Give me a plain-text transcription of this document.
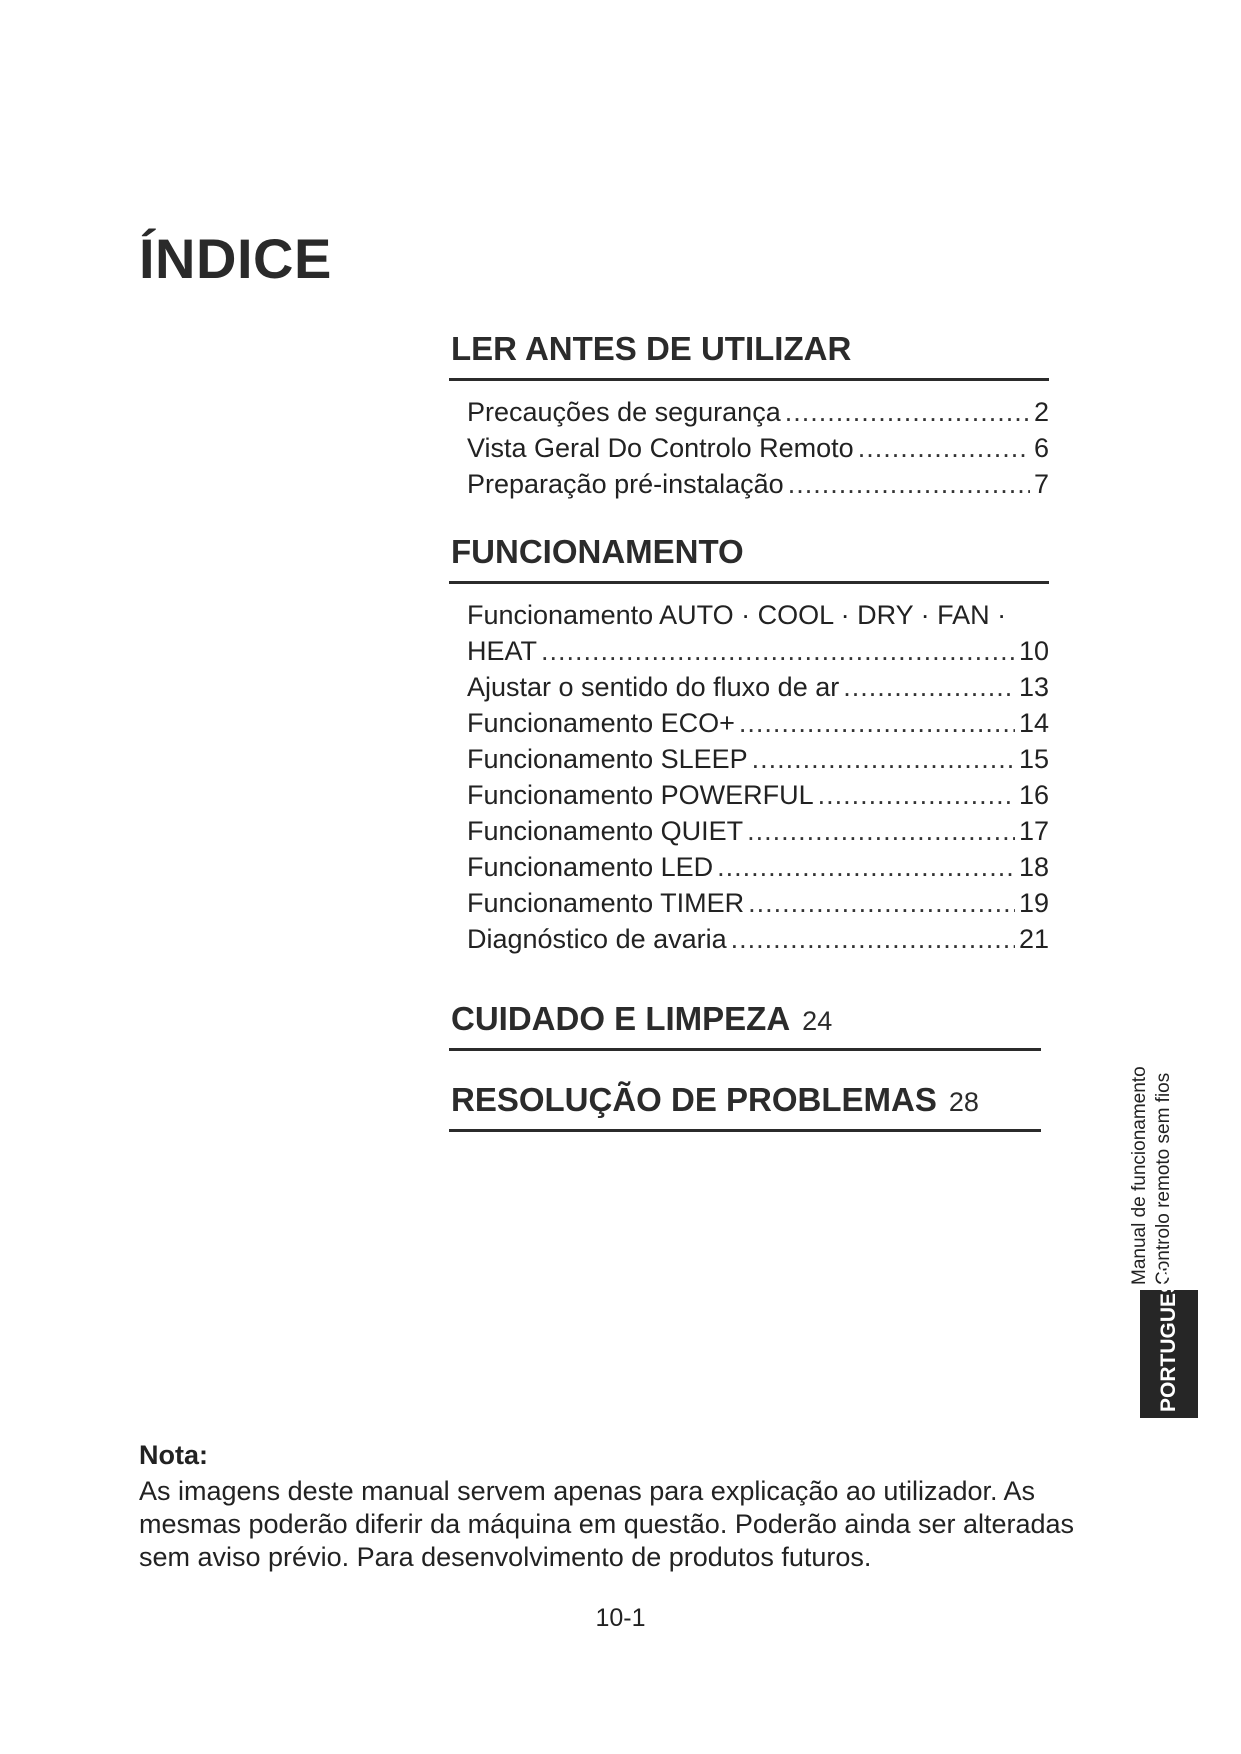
ÍNDICE
LER ANTES DE UTILIZAR
Precauções de segurança .....	2
Vista Geral Do Controlo Remoto .....	6
Preparação pré-instalação .....	7
FUNCIONAMENTO
Funcionamento AUTO · COOL · DRY · FAN ·
HEAT .....	10
Ajustar o sentido do fluxo de ar .....	13
Funcionamento ECO+ .....	14
Funcionamento SLEEP .....	15
Funcionamento POWERFUL .....	16
Funcionamento QUIET .....	17
Funcionamento LED .....	18
Funcionamento TIMER .....	19
Diagnóstico de avaria .....	21
CUIDADO E LIMPEZA 24
RESOLUÇÃO DE PROBLEMAS 28	Manual de funcionamento Controlo remoto sem fios
PORTUGUESE
Nota:
As imagens deste manual servem apenas para explicação ao utilizador. As mesmas poderão diferir da máquina em questão. Poderão ainda ser alteradas sem aviso prévio. Para desenvolvimento de produtos futuros.
10-1
